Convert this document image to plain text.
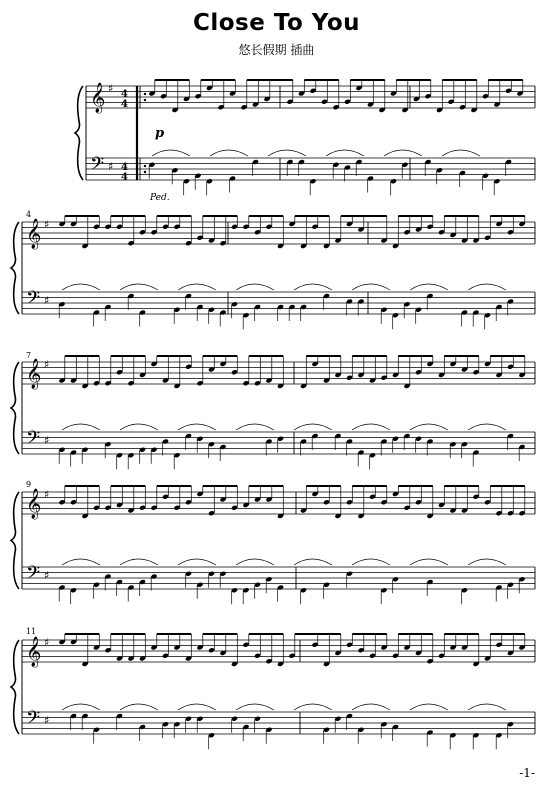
Close To You
悠长假期 插曲
𝄞
𝄢
♯
♯
𝄞
𝄢
♯
♯
𝄞
𝄢
♯
♯
𝄞
𝄢
♯
♯
𝄞
𝄢
♯
♯
p
Ped.
4
7
9
11
4
4
4
4
-1-
